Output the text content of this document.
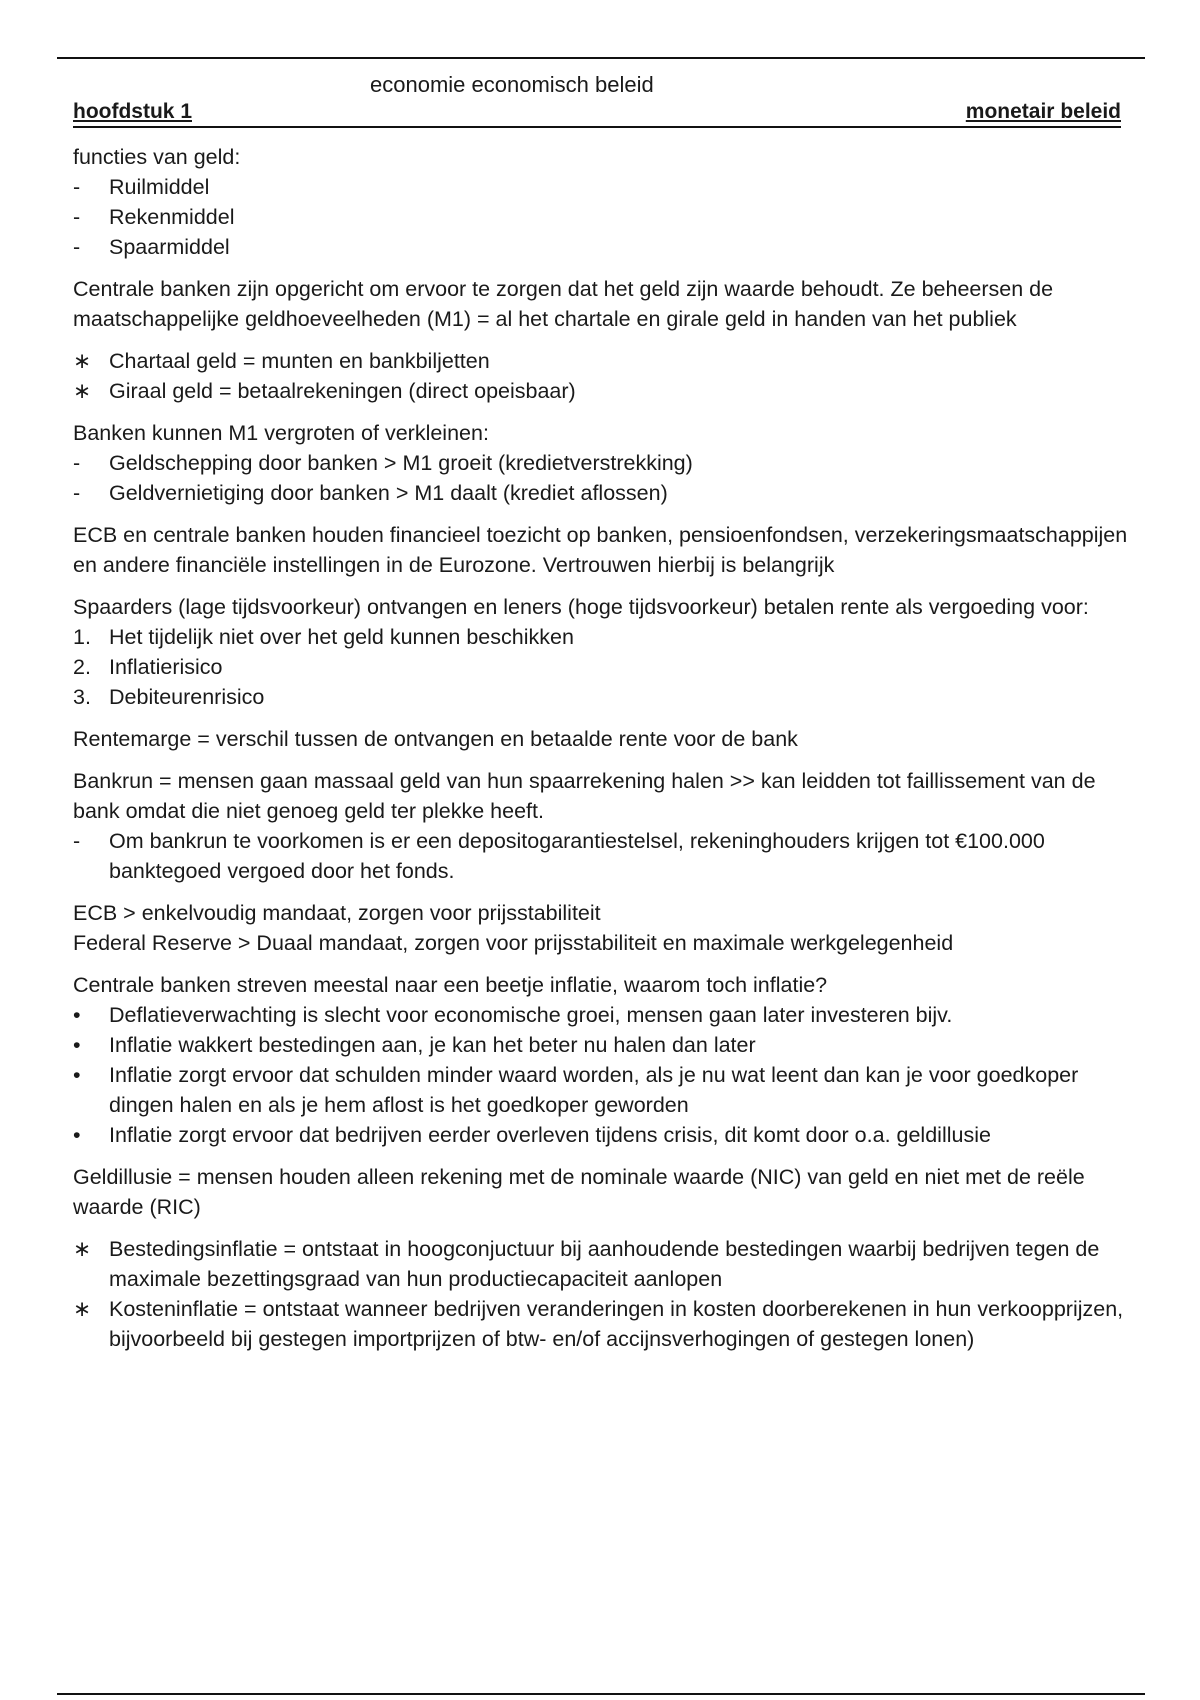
economie economisch beleid
hoofdstuk 1	monetair beleid

functies van geld:

-	Ruilmiddel
-	Rekenmiddel
-	Spaarmiddel

Centrale banken zijn opgericht om ervoor te zorgen dat het geld zijn waarde behoudt. Ze beheersen de maatschappelijke geldhoeveelheden (M1) = al het chartale en girale geld in handen van het publiek

∗ Chartaal geld = munten en bankbiljetten
∗ Giraal geld = betaalrekeningen (direct opeisbaar)

Banken kunnen M1 vergroten of verkleinen:

-	Geldschepping door banken > M1 groeit (kredietverstrekking)
-	Geldvernietiging door banken > M1 daalt (krediet aflossen)

ECB en centrale banken houden financieel toezicht op banken, pensioenfondsen, verzekeringsmaatschappijen en andere financiële instellingen in de Eurozone. Vertrouwen hierbij is belangrijk

Spaarders (lage tijdsvoorkeur) ontvangen en leners (hoge tijdsvoorkeur) betalen rente als vergoeding voor:

1. Het tijdelijk niet over het geld kunnen beschikken
2. Inflatierisico
3. Debiteurenrisico

Rentemarge = verschil tussen de ontvangen en betaalde rente voor de bank

Bankrun = mensen gaan massaal geld van hun spaarrekening halen >> kan leidden tot faillissement van de bank omdat die niet genoeg geld ter plekke heeft.

-	Om bankrun te voorkomen is er een depositogarantiestelsel, rekeninghouders krijgen tot €100.000 banktegoed vergoed door het fonds.

ECB > enkelvoudig mandaat, zorgen voor prijsstabiliteit

Federal Reserve > Duaal mandaat, zorgen voor prijsstabiliteit en maximale werkgelegenheid

Centrale banken streven meestal naar een beetje inflatie, waarom toch inflatie?

•	Deflatieverwachting is slecht voor economische groei, mensen gaan later investeren bijv.
•	Inflatie wakkert bestedingen aan, je kan het beter nu halen dan later
•	Inflatie zorgt ervoor dat schulden minder waard worden, als je nu wat leent dan kan je voor goedkoper dingen halen en als je hem aflost is het goedkoper geworden
•	Inflatie zorgt ervoor dat bedrijven eerder overleven tijdens crisis, dit komt door o.a. geldillusie

Geldillusie = mensen houden alleen rekening met de nominale waarde (NIC) van geld en niet met de reële waarde (RIC)

∗ Bestedingsinflatie = ontstaat in hoogconjuctuur bij aanhoudende bestedingen waarbij bedrijven tegen de maximale bezettingsgraad van hun productiecapaciteit aanlopen
∗ Kosteninflatie = ontstaat wanneer bedrijven veranderingen in kosten doorberekenen in hun verkoopprijzen, bijvoorbeeld bij gestegen importprijzen of btw- en/of accijnsverhogingen of gestegen lonen)
